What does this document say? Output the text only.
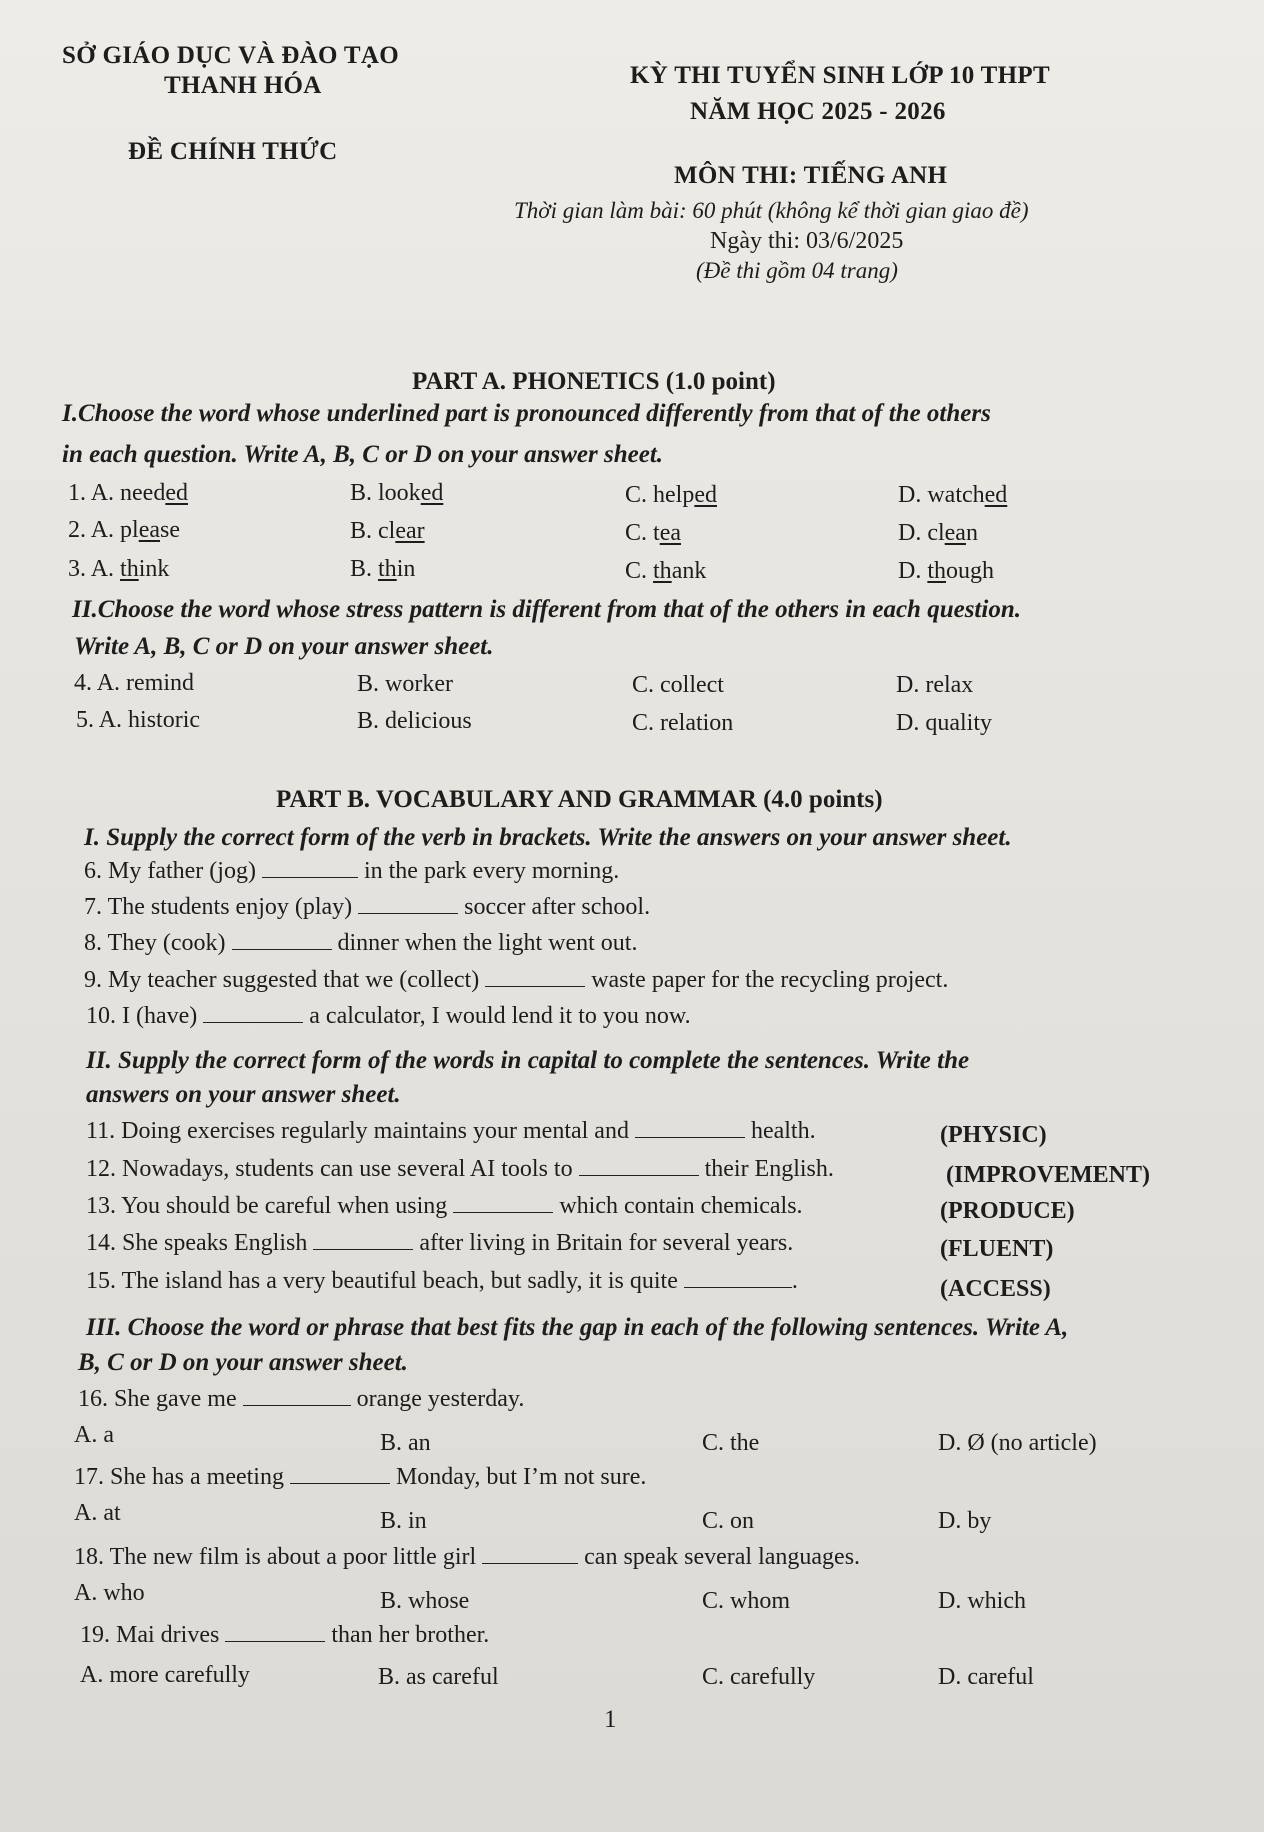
SỞ GIÁO DỤC VÀ ĐÀO TẠO
THANH HÓA
ĐỀ CHÍNH THỨC
KỲ THI TUYỂN SINH LỚP 10 THPT
NĂM HỌC 2025 - 2026
MÔN THI: TIẾNG ANH
Thời gian làm bài: 60 phút (không kể thời gian giao đề)
Ngày thi: 03/6/2025
(Đề thi gồm 04 trang)
PART A. PHONETICS (1.0 point)
I.Choose the word whose underlined part is pronounced differently from that of the others
in each question. Write A, B, C or D on your answer sheet.
1. A. needed	B. looked	C. helped	D. watched
2. A. please	B. clear	C. tea	D. clean
3. A. think	B. thin	C. thank	D. though
II.Choose the word whose stress pattern is different from that of the others in each question.
Write A, B, C or D on your answer sheet.
4. A. remind	B. worker	C. collect	D. relax
5. A. historic	B. delicious	C. relation	D. quality
PART B. VOCABULARY AND GRAMMAR (4.0 points)
I. Supply the correct form of the verb in brackets. Write the answers on your answer sheet.
6. My father (jog)	in the park every morning.
7. The students enjoy (play)	soccer after school.
8. They (cook)	dinner when the light went out.
9. My teacher suggested that we (collect)	waste paper for the recycling project.
10. I (have)	a calculator, I would lend it to you now.
II. Supply the correct form of the words in capital to complete the sentences. Write the
answers on your answer sheet.
11. Doing exercises regularly maintains your mental and	health.	(PHYSIC)
12. Nowadays, students can use several AI tools to	their English.	(IMPROVEMENT)
13. You should be careful when using	which contain chemicals.	(PRODUCE)
14. She speaks English	after living in Britain for several years.	(FLUENT)
15. The island has a very beautiful beach, but sadly, it is quite	.	(ACCESS)
III. Choose the word or phrase that best fits the gap in each of the following sentences. Write A,
B, C or D on your answer sheet.
16. She gave me	orange yesterday.
A. a	B. an	C. the	D. Ø (no article)
17. She has a meeting	Monday, but I’m not sure.
A. at	B. in	C. on	D. by
18. The new film is about a poor little girl	can speak several languages.
A. who	B. whose	C. whom	D. which
19. Mai drives	than her brother.
A. more carefully	B. as careful	C. carefully	D. careful
1
